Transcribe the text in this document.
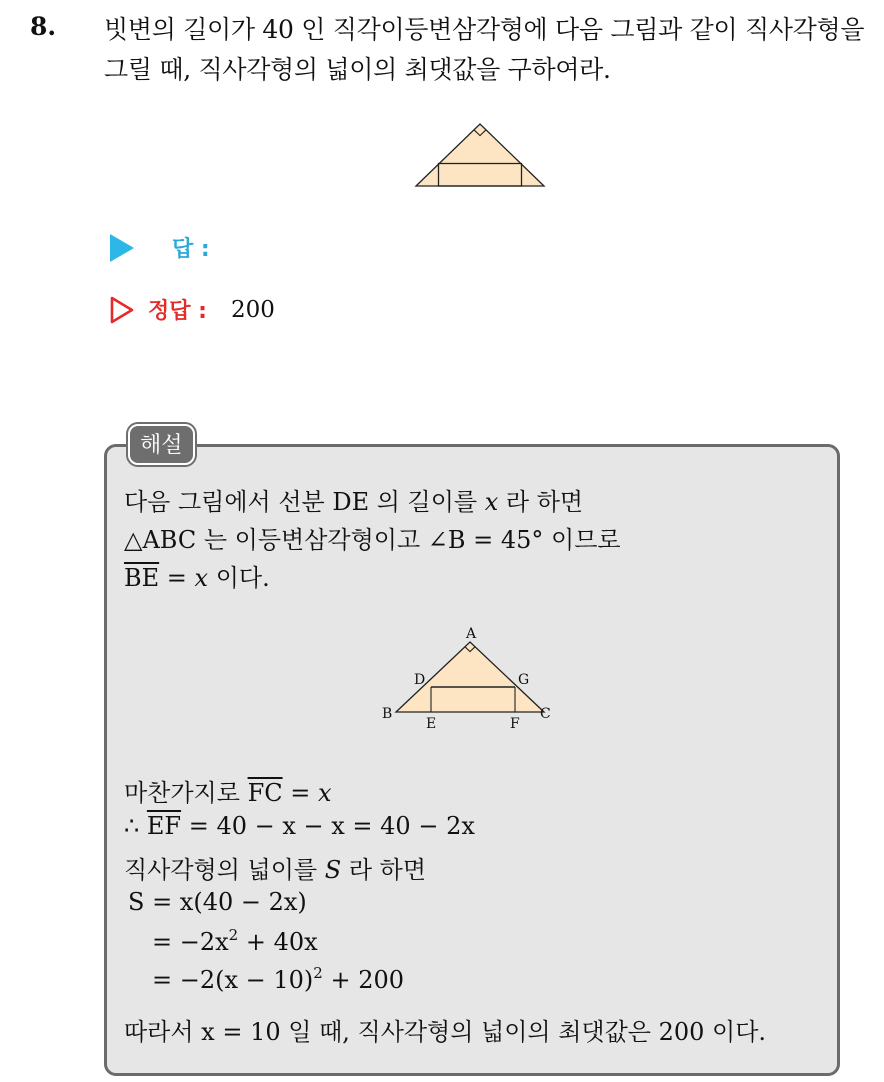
8. 빗변의 길이가 40 인 직각이등변삼각형에 다음 그림과 같이 직사각형을 그릴 때, 직사각형의 넓이의 최댓값을 구하여라.
답 :
정답 : 200
해설
다음 그림에서 선분 DE 의 길이를 x 라 하면
△ABC 는 이등변삼각형이고 ∠B = 45° 이므로
$\overline{BE} = x$ 이다.
A
B	C
D
E	F
G
마찬가지로 $\overline{FC} = x$
∴ $\overline{EF} = 40 - x - x = 40 - 2x$
직사각형의 넓이를 S 라 하면
S = x(40 − 2x)
= $-2x^2 + 40x$
= $-2(x - 10)^2 + 200$
따라서 x = 10 일 때, 직사각형의 넓이의 최댓값은 200 이다.
